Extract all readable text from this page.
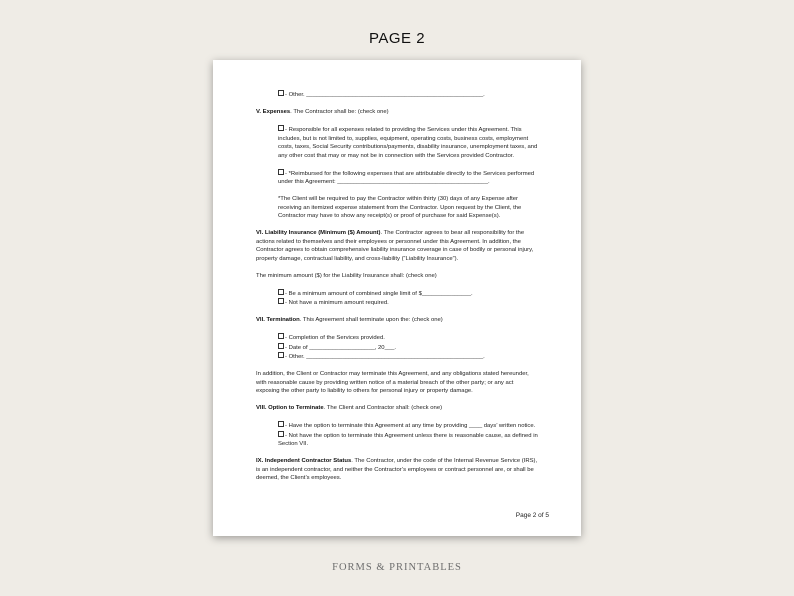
PAGE 2

- Other. ______________________________________________________.

V. Expenses. The Contractor shall be: (check one)

- Responsible for all expenses related to providing the Services under this Agreement. This includes, but is not limited to, supplies, equipment, operating costs, business costs, employment costs, taxes, Social Security contributions/payments, disability insurance, unemployment taxes, and any other cost that may or may not be in connection with the Services provided Contractor.

- *Reimbursed for the following expenses that are attributable directly to the Services performed under this Agreement: ______________________________________________.

*The Client will be required to pay the Contractor within thirty (30) days of any Expense after receiving an itemized expense statement from the Contractor. Upon request by the Client, the Contractor may have to show any receipt(s) or proof of purchase for said Expense(s).

VI. Liability Insurance (Minimum ($) Amount). The Contractor agrees to bear all responsibility for the actions related to themselves and their employees or personnel under this Agreement. In addition, the Contractor agrees to obtain comprehensive liability insurance coverage in case of bodily or personal injury, property damage, contractual liability, and cross-liability (“Liability Insurance”).

The minimum amount ($) for the Liability Insurance shall: (check one)

- Be a minimum amount of combined single limit of $_______________.

- Not have a minimum amount required.

VII. Termination. This Agreement shall terminate upon the: (check one)

- Completion of the Services provided.

- Date of ____________________, 20___.

- Other. ______________________________________________________.

In addition, the Client or Contractor may terminate this Agreement, and any obligations stated hereunder, with reasonable cause by providing written notice of a material breach of the other party; or any act exposing the other party to liability to others for personal injury or property damage.

VIII. Option to Terminate. The Client and Contractor shall: (check one)

- Have the option to terminate this Agreement at any time by providing ____ days’ written notice.

- Not have the option to terminate this Agreement unless there is reasonable cause, as defined in Section VII.

IX. Independent Contractor Status. The Contractor, under the code of the Internal Revenue Service (IRS), is an independent contractor, and neither the Contractor’s employees or contract personnel are, or shall be deemed, the Client’s employees.

Page 2 of 5
FORMS & PRINTABLES
